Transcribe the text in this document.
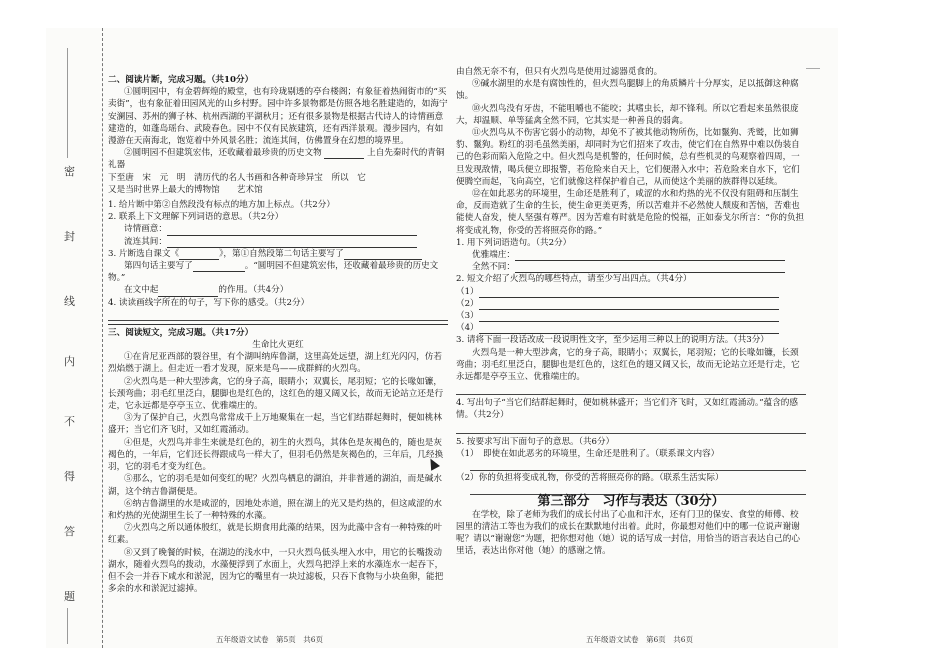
密
封
线
内
不
得
答
题

二、阅读片断，完成习题。（共10分）

①圆明园中，有金碧辉煌的殿堂，也有玲珑剔透的亭台楼阁；有象征着热闹街市的“买卖街”，也有象征着田园风光的山乡村野。园中许多景物都是仿照各地名胜建造的，如海宁安澜园、苏州的狮子林、杭州西湖的平湖秋月；还有很多景物是根据古代诗人的诗情画意建造的，如蓬岛瑶台、武陵春色。园中不仅有民族建筑，还有西洋景观。漫步园内，有如漫游在天南海北，饱览着中外风景名胜；流连其间，仿佛置身在幻想的境界里。

②圆明园不但建筑宏伟，还收藏着最珍贵的历史文物	上自先秦时代的青铜礼器

下至唐　宋　元　明　清历代的名人书画和各种奇珍异宝　所以　它

又是当时世界上最大的博物馆　　艺术馆

1. 给片断中第②自然段没有标点的地方加上标点。（共2分）

2. 联系上下文理解下列词语的意思。（共2分）

诗情画意：

流连其间：

3. 片断选自课文《	》，第①自然段第二句话主要写了

第四句话主要写了	。“圆明园不但建筑宏伟，还收藏着最珍贵的历史文物。”

在文中起	的作用。（共4分）

4. 读读画线字所在的句子，写下你的感受。（共2分）

三、阅读短文，完成习题。（共17分）

生命比火更红

①在肯尼亚西部的裂谷里，有个湖叫纳库鲁湖，这里高处远望，湖上红光闪闪，仿若烈焰燃于湖上。但走近一看才发现，原来是鸟——成群鲜的火烈鸟。

②火烈鸟是一种大型涉禽，它的身子高，眼睛小；双翼长，尾羽短；它的长喙如镰，长颈弯曲；羽毛红里泛白，腿脚也是红色的，这红色的翅又阔又长，故而无论站立还是行走，它永远都是亭亭玉立、优雅端庄的。

③为了保护自己，火烈鸟常常成千上万地聚集在一起，当它们结群起舞时，便如桃林盛开；当它们齐飞时，又如红霞涌动。

④但是，火烈鸟并非生来就是红色的，初生的火烈鸟，其体色是灰褐色的，随也是灰褐色的，一年后，它们还长得跟成鸟一样大了，但羽毛仍然是灰褐色的，三年后，几经换羽，它的羽毛才变为红色。

⑤那么，它的羽毛是如何变红的呢？火烈鸟栖息的湖泊，并非普通的湖泊，而是碱水湖，这个纳吉鲁湖便是。

⑥纳吉鲁湖里的水是咸涩的，因地处赤道，照在湖上的光又是灼热的，但这咸涩的水和灼热的光使湖里生长了一种特殊的水藻。

⑦火烈鸟之所以通体殷红，就是长期食用此藻的结果，因为此藻中含有一种特殊的叶红素。

⑧又到了晚餐的时候，在湖边的浅水中，一只火烈鸟低头埋入水中，用它的长嘴拨动湖水，随着火烈鸟的拨动，水藻便浮到了水面上，火烈鸟把浮上来的水藻连水一起吞下，但不会一并吞下咸水和淤泥，因为它的嘴里有一块过滤板，只吞下食物与小块鱼卵，能把多余的水和淤泥过滤掉。

五年级语文试卷　第5页　共6页

由自然无奈不有，但只有火烈鸟是使用过滤器觅食的。

⑨碱水湖里的水是有腐蚀性的，但火烈鸟腿脚上的角质鳞片十分厚实，足以抵御这种腐蚀。

⑩火烈鸟没有牙齿，不能咀嚼也不能咬；其嗜虫长，却不锋利。所以它看起来虽然很庞大，却温顺、单等猛禽全然不同，它其实是一种善良的弱禽。

⑪火烈鸟从不伤害它弱小的动物，却免不了被其他动物所伤，比如鬣狗、秃鹫，比如狮豹、鬣狗。粉红的羽毛虽然美丽，却同时为它们招来了攻击，使它们在自然界中难以伪装自己的色彩而陷入危险之中。但火烈鸟是机警的，任何时候，总有些机灵的鸟观察着四周，一旦发现敌情，喝兵便立即报警，若危险来自天上，它们便潜入水中；若危险来自水下，它们便腾空而起，飞向高空，它们就像这样保护着自己，从而使这个美丽的族群得以延续。

⑫在如此恶劣的环境里，生命还是胜利了，咸涩的水和灼热的光不仅没有阻碍和压制生命，反而造就了生命的生长，使生命更美更秀，所以苦难并不必然使人颓废和苦恼，苦难也能使人奋发，使人坚强有尊严。因为苦难有时就是危险的悦福，正如泰戈尔所言：“你的负担将变成礼物，你受的苦将照亮你的路。”

1. 用下列词语造句。（共2分）

优雅端庄：

全然不同：

2. 短文介绍了火烈鸟的哪些特点，请至少写出四点。（共4分）

（1）

（2）

（3）

（4）

3. 请将下面一段话改成一段说明性文字，至少运用三种以上的说明方法。（共3分）

火烈鸟是一种大型涉禽，它的身子高，眼睛小；双翼长，尾羽短；它的长喙如镰，长颈弯曲；羽毛红里泛白，腿脚也是红色的，这红色的翅又阔又长，故而无论站立还是行走，它永远都是亭亭玉立、优雅端庄的。

4. 写出句子“当它们结群起舞时，便如桃林盛开；当它们齐飞时，又如红霞涌动。”蕴含的感情。（共2分）

5. 按要求写出下面句子的意思。（共6分）

（1）　即使在如此恶劣的环境里，生命还是胜利了。（联系课文内容）

（2）你的负担将变成礼物，你受的苦将照亮你的路。（联系生活实际）

第三部分　习作与表达（30分）

在学校，除了老师为我们的成长付出了心血和汗水，还有门卫的保安、食堂的师傅、校园里的清洁工等也为我们的成长在默默地付出着。此时，你最想对他们中的哪一位说声谢谢呢？请以“谢谢您”为题，把你想对他（她）说的话写成一封信，用恰当的语言表达自己的心里话，表达出你对他（她）的感谢之情。

五年级语文试卷　第6页　共6页
